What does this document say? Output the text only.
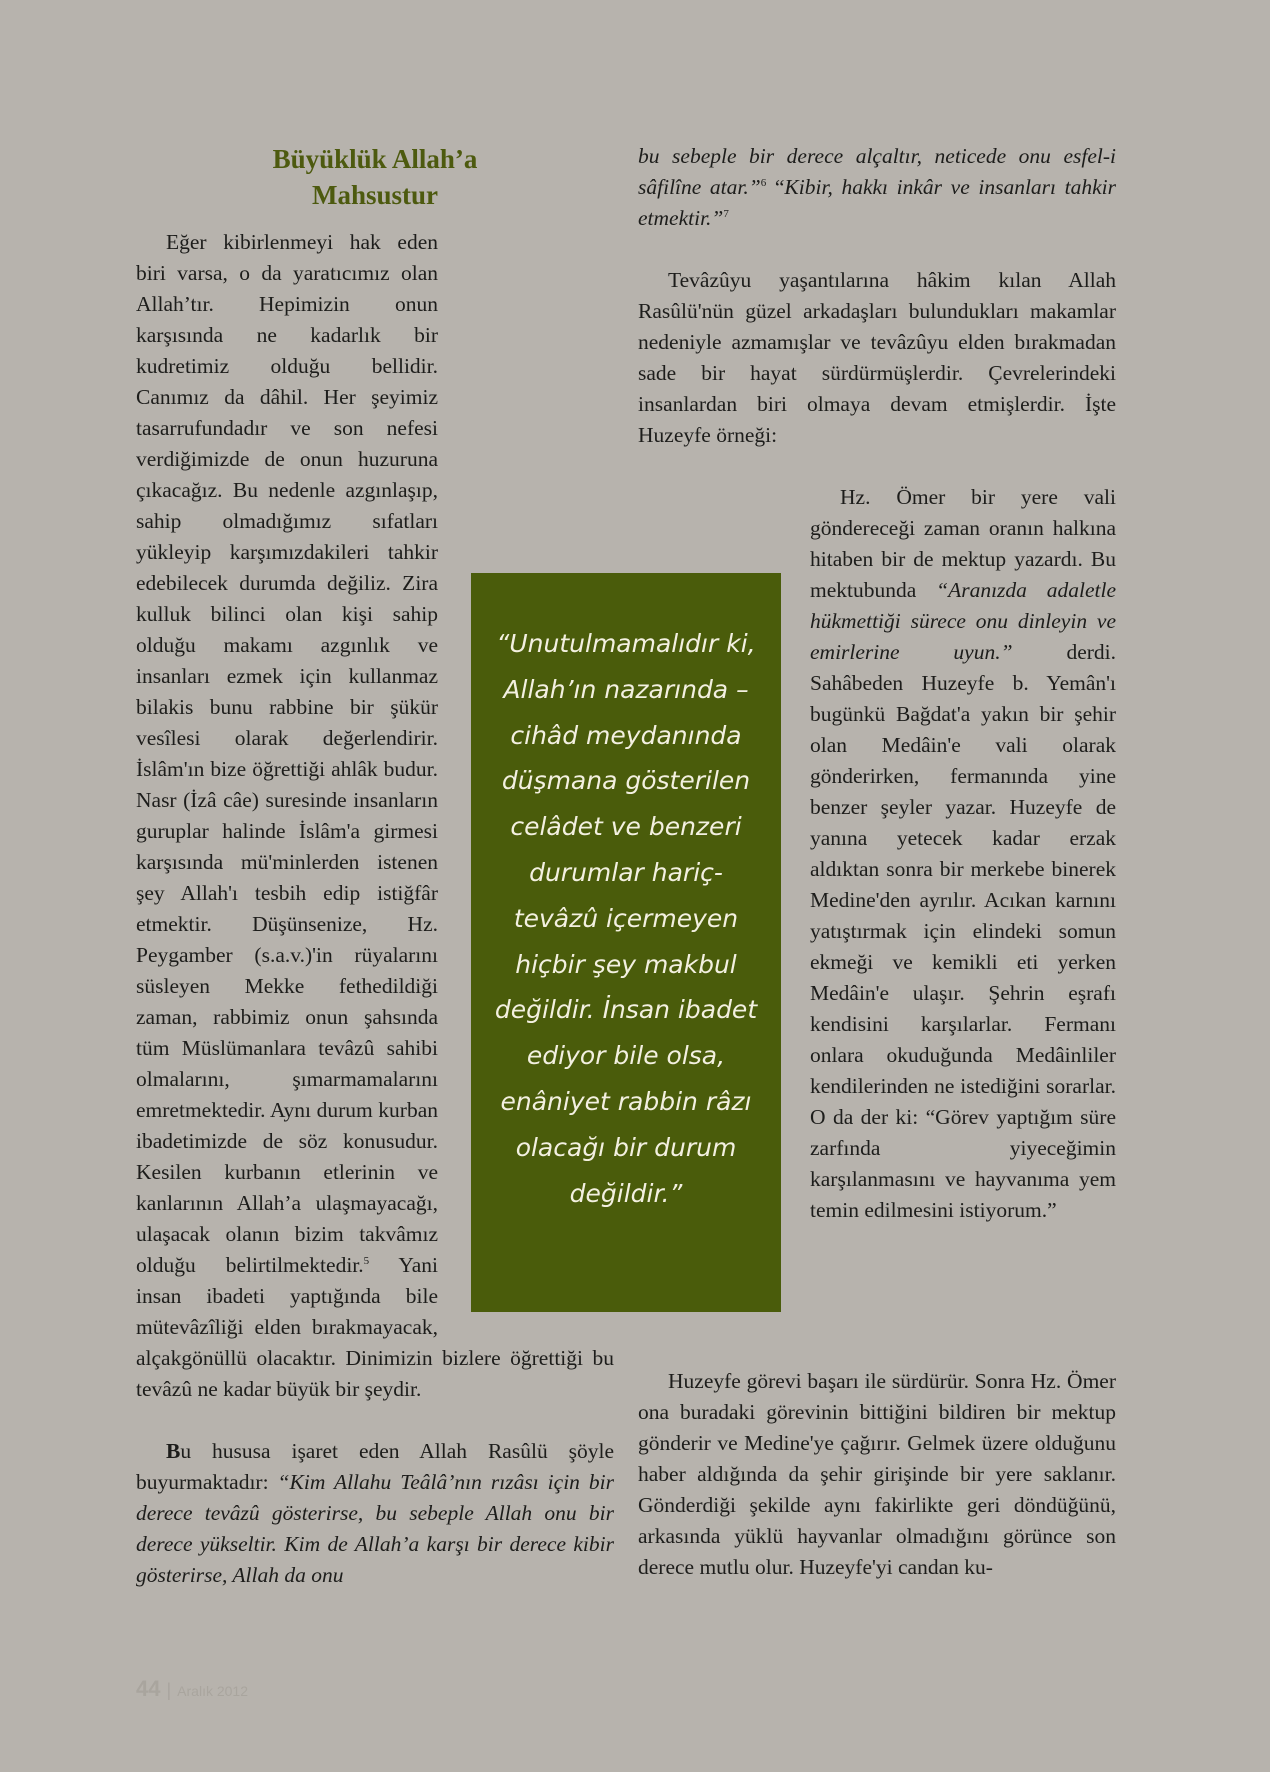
Büyüklük Allah’a
Mahsustur

Eğer kibirlenmeyi hak eden biri varsa, o da yaratıcımız olan Allah’tır. Hepimizin onun karşısında ne kadarlık bir kudretimiz olduğu bellidir. Canımız da dâhil. Her şeyimiz tasarrufundadır ve son nefesi verdiğimizde de onun huzuruna çıkacağız. Bu nedenle azgınlaşıp, sahip olmadığımız sıfatları yükleyip karşımızdakileri tahkir edebilecek durumda değiliz. Zira kulluk bilinci olan kişi sahip olduğu makamı azgınlık ve insanları ezmek için kullanmaz bilakis bunu rabbine bir şükür vesîlesi olarak değerlendirir. İslâm'ın bize öğrettiği ahlâk budur. Nasr (İzâ câe) suresinde insanların guruplar halinde İslâm'a girmesi karşısında mü'minlerden istenen şey Allah'ı tesbih edip istiğfâr etmektir. Düşünsenize, Hz. Peygamber (s.a.v.)'in rüyalarını süsleyen Mekke fethedildiği zaman, rabbimiz onun şahsında tüm Müslümanlara tevâzû sahibi olmalarını, şımarmamalarını emretmektedir. Aynı durum kurban ibadetimizde de söz konusudur. Kesilen kurbanın etlerinin ve kanlarının Allah’a ulaşmayacağı, ulaşacak olanın bizim takvâmız olduğu belirtilmektedir.$^5$ Yani insan ibadeti yaptığında bile mütevâzîliği elden bırakmayacak, alçakgönüllü olacaktır. Dinimizin bizlere öğrettiği bu tevâzû ne kadar büyük bir şeydir.

Bu hususa işaret eden Allah Rasûlü şöyle buyurmaktadır: “Kim Allahu Teâlâ’nın rızâsı için bir derece tevâzû gösterirse, bu sebeple Allah onu bir derece yükseltir. Kim de Allah’a karşı bir derece kibir gösterirse, Allah da onu

bu sebeple bir derece alçaltır, neticede onu esfel-i sâfilîne atar.”$^6$ “Kibir, hakkı inkâr ve insanları tahkir etmektir.”$^7$

Tevâzûyu yaşantılarına hâkim kılan Allah Rasûlü'nün güzel arkadaşları bulundukları makamlar nedeniyle azmamışlar ve tevâzûyu elden bırakmadan sade bir hayat sürdürmüşlerdir. Çevrelerindeki insanlardan biri olmaya devam etmişlerdir. İşte Huzeyfe örneği:

Hz. Ömer bir yere vali göndereceği zaman oranın halkına hitaben bir de mektup yazardı. Bu mektubunda “Aranızda adaletle hükmettiği sürece onu dinleyin ve emirlerine uyun.” derdi. Sahâbeden Huzeyfe b. Yemân'ı bugünkü Bağdat'a yakın bir şehir olan Medâin'e vali olarak gönderirken, fermanında yine benzer şeyler yazar. Huzeyfe de yanına yetecek kadar erzak aldıktan sonra bir merkebe binerek Medine'den ayrılır. Acıkan karnını yatıştırmak için elindeki somun ekmeği ve kemikli eti yerken Medâin'e ulaşır. Şehrin eşrafı kendisini karşılarlar. Fermanı onlara okuduğunda Medâinliler kendilerinden ne istediğini sorarlar. O da der ki: “Görev yaptığım süre zarfında yiyeceğimin karşılanmasını ve hayvanıma yem temin edilmesini istiyorum.”

Huzeyfe görevi başarı ile sürdürür. Sonra Hz. Ömer ona buradaki görevinin bittiğini bildiren bir mektup gönderir ve Medine'ye çağırır. Gelmek üzere olduğunu haber aldığında da şehir girişinde bir yere saklanır. Gönderdiği şekilde aynı fakirlikte geri döndüğünü, arkasında yüklü hayvanlar olmadığını görünce son derece mutlu olur. Huzeyfe'yi candan ku-

“Unutulmamalıdır ki, Allah’ın nazarında –cihâd meydanında düşmana gösterilen celâdet ve benzeri durumlar hariç- tevâzû içermeyen hiçbir şey makbul değildir. İnsan ibadet ediyor bile olsa, enâniyet rabbin râzı olacağı bir durum değildir.”
44 | Aralık 2012
